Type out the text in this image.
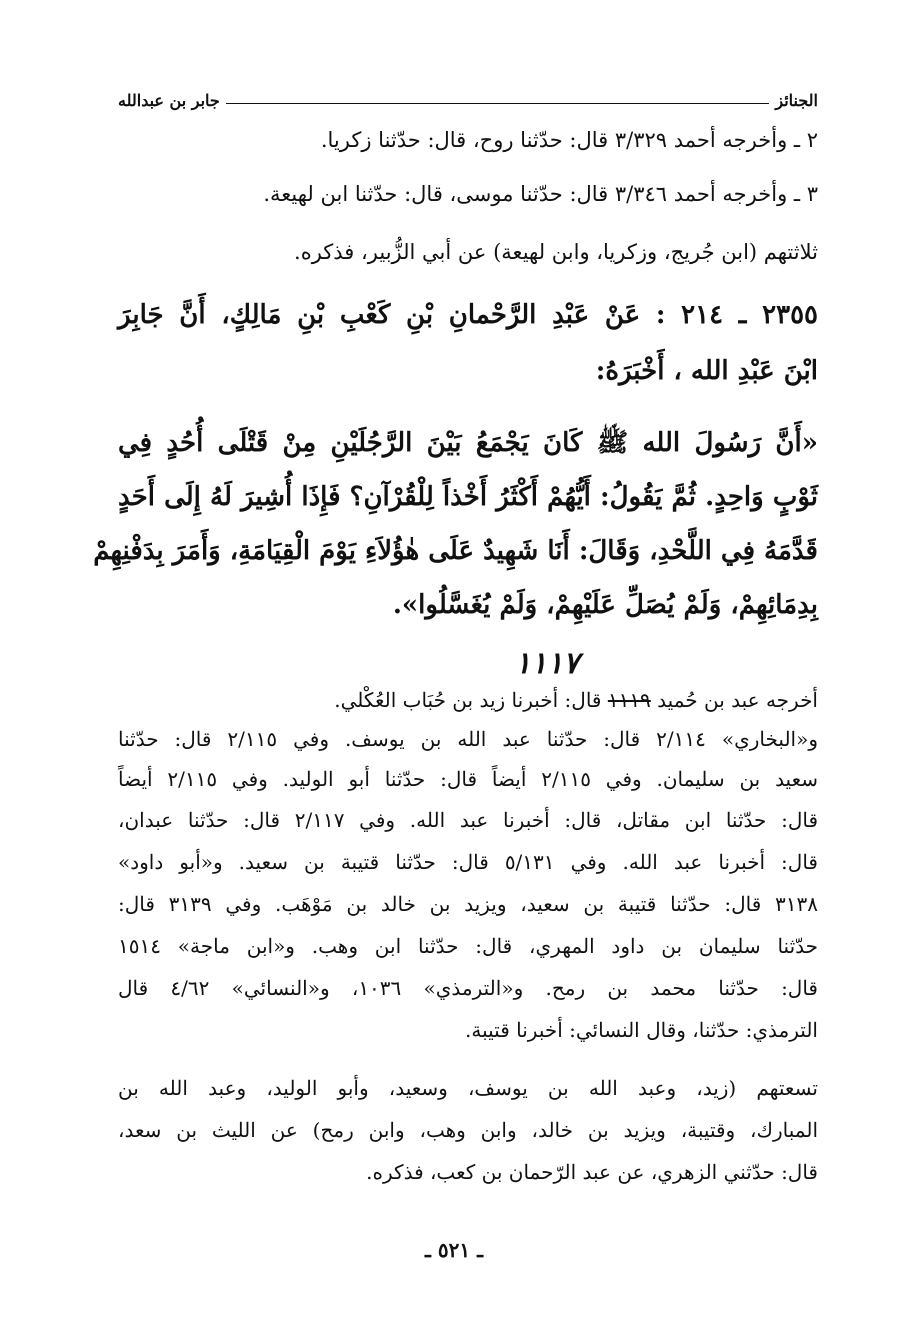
الجنائز
جابر بن عبدالله
٢ ـ وأخرجه أحمد ٣/٣٢٩ قال: حدّثنا روح، قال: حدّثنا زكريا.
٣ ـ وأخرجه أحمد ٣/٣٤٦ قال: حدّثنا موسى، قال: حدّثنا ابن لهيعة.
ثلاثتهم (ابن جُريج، وزكريا، وابن لهيعة) عن أبي الزُّبير، فذكره.
٢٣٥٥ ـ ٢١٤ : عَنْ عَبْدِ الرَّحْمانِ بْنِ كَعْبِ بْنِ مَالِكٍ، أَنَّ جَابِرَ
ابْنَ عَبْدِ الله ، أَخْبَرَهُ:
«أَنَّ رَسُولَ الله ﷺ كَانَ يَجْمَعُ بَيْنَ الرَّجُلَيْنِ مِنْ قَتْلَى أُحُدٍ فِي
ثَوْبٍ وَاحِدٍ. ثُمَّ يَقُولُ: أَيُّهُمْ أَكْثَرُ أَخْذاً لِلْقُرْآنِ؟ فَإِذَا أُشِيرَ لَهُ إِلَى أَحَدٍ
قَدَّمَهُ فِي اللَّحْدِ، وَقَالَ: أَنَا شَهِيدٌ عَلَى هٰؤُلاَءِ يَوْمَ الْقِيَامَةِ، وَأَمَرَ بِدَفْنِهِمْ
بِدِمَائِهِمْ، وَلَمْ يُصَلِّ عَلَيْهِمْ، وَلَمْ يُغَسَّلُوا».
١١١٧
أخرجه عبد بن حُميد ١١١٩ قال: أخبرنا زيد بن حُبَاب العُكْلي.
و«البخاري» ٢/١١٤ قال: حدّثنا عبد الله بن يوسف. وفي ٢/١١٥ قال: حدّثنا
سعيد بن سليمان. وفي ٢/١١٥ أيضاً قال: حدّثنا أبو الوليد. وفي ٢/١١٥ أيضاً
قال: حدّثنا ابن مقاتل، قال: أخبرنا عبد الله. وفي ٢/١١٧ قال: حدّثنا عبدان،
قال: أخبرنا عبد الله. وفي ٥/١٣١ قال: حدّثنا قتيبة بن سعيد. و«أبو داود»
٣١٣٨ قال: حدّثنا قتيبة بن سعيد، ويزيد بن خالد بن مَوْهَب. وفي ٣١٣٩ قال:
حدّثنا سليمان بن داود المهري، قال: حدّثنا ابن وهب. و«ابن ماجة» ١٥١٤
قال: حدّثنا محمد بن رمح. و«الترمذي» ١٠٣٦، و«النسائي» ٤/٦٢ قال
الترمذي: حدّثنا، وقال النسائي: أخبرنا قتيبة.
تسعتهم (زيد، وعبد الله بن يوسف، وسعيد، وأبو الوليد، وعبد الله بن
المبارك، وقتيبة، ويزيد بن خالد، وابن وهب، وابن رمح) عن الليث بن سعد،
قال: حدّثني الزهري، عن عبد الرّحمان بن كعب، فذكره.
ـ ٥٢١ ـ
